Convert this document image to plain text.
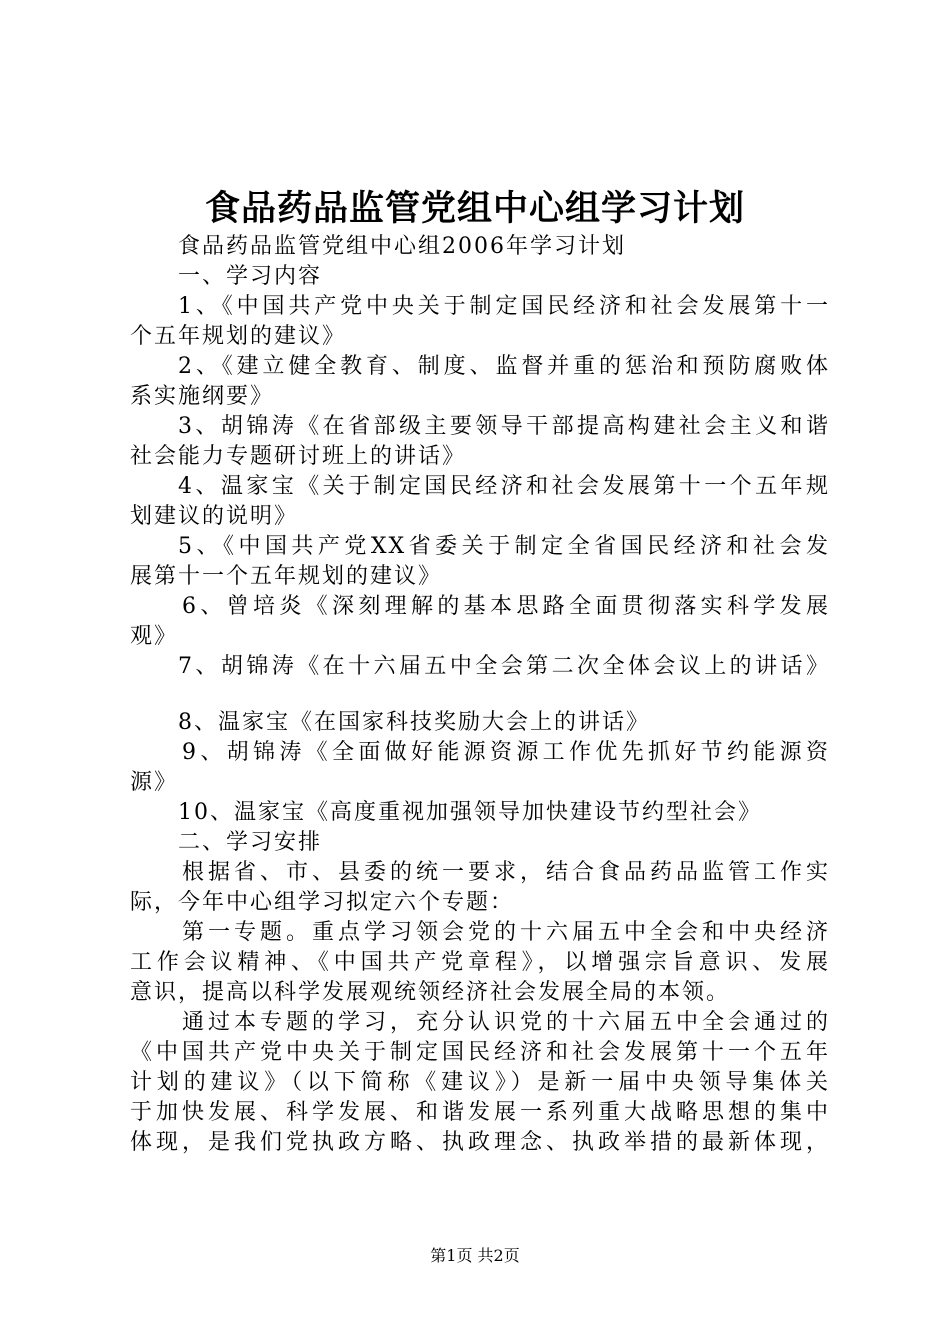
食品药品监管党组中心组学习计划
食品药品监管党组中心组2006年学习计划
一、学习内容
1、《中国共产党中央关于制定国民经济和社会发展第十一
个五年规划的建议》
2、《建立健全教育、制度、监督并重的惩治和预防腐败体
系实施纲要》
3、胡锦涛《在省部级主要领导干部提高构建社会主义和谐
社会能力专题研讨班上的讲话》
4、温家宝《关于制定国民经济和社会发展第十一个五年规
划建议的说明》
5、《中国共产党XX省委关于制定全省国民经济和社会发
展第十一个五年规划的建议》
6、曾培炎《深刻理解的基本思路全面贯彻落实科学发展
观》
7、胡锦涛《在十六届五中全会第二次全体会议上的讲话》
8、温家宝《在国家科技奖励大会上的讲话》
9、胡锦涛《全面做好能源资源工作优先抓好节约能源资
源》
10、温家宝《高度重视加强领导加快建设节约型社会》
二、学习安排
根据省、市、县委的统一要求，结合食品药品监管工作实
际，今年中心组学习拟定六个专题：
第一专题。重点学习领会党的十六届五中全会和中央经济
工作会议精神、《中国共产党章程》，以增强宗旨意识、发展
意识，提高以科学发展观统领经济社会发展全局的本领。
通过本专题的学习，充分认识党的十六届五中全会通过的
《中国共产党中央关于制定国民经济和社会发展第十一个五年
计划的建议》（以下简称《建议》）是新一届中央领导集体关
于加快发展、科学发展、和谐发展一系列重大战略思想的集中
体现，是我们党执政方略、执政理念、执政举措的最新体现，
第1页 共2页
